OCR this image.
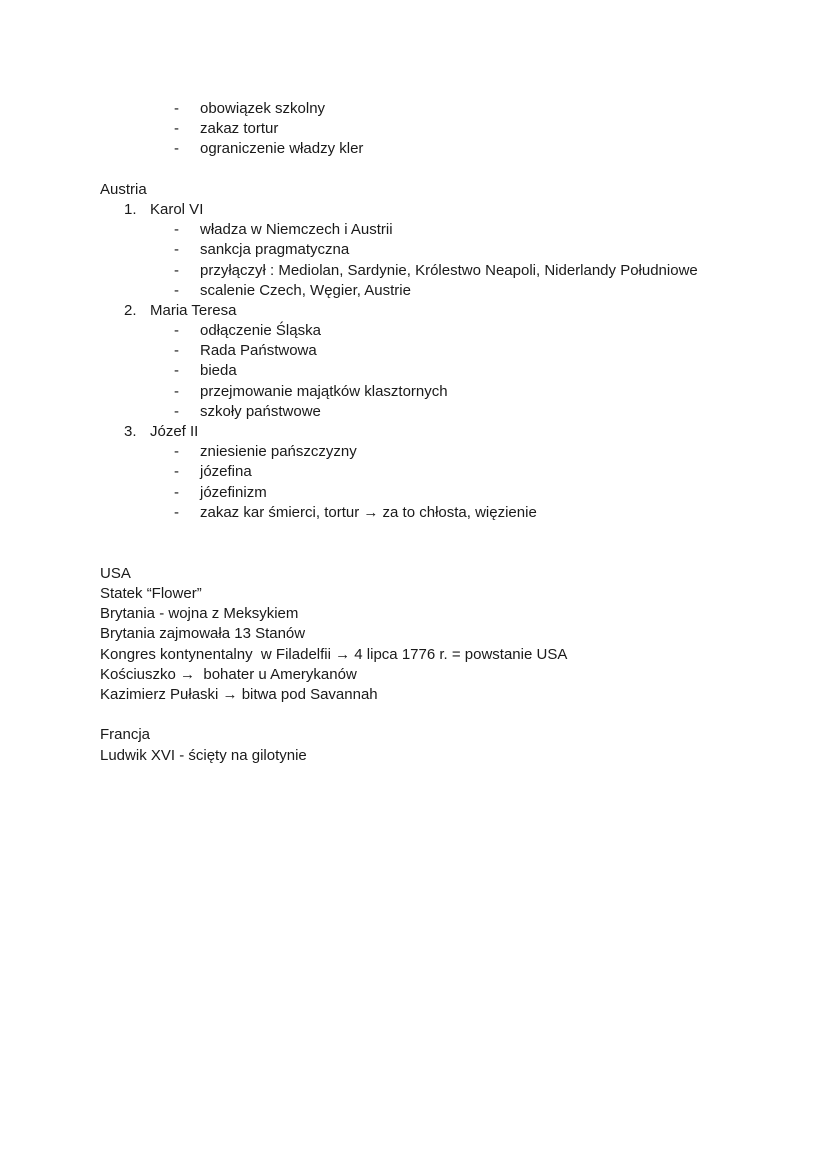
- obowiązek szkolny
- zakaz tortur
- ograniczenie władzy kler
Austria
1. Karol VI
- władza w Niemczech i Austrii
- sankcja pragmatyczna
- przyłączył : Mediolan, Sardynie, Królestwo Neapoli, Niderlandy Południowe
- scalenie Czech, Węgier, Austrie
2. Maria Teresa
- odłączenie Śląska
- Rada Państwowa
- bieda
- przejmowanie majątków klasztornych
- szkoły państwowe
3. Józef II
- zniesienie pańszczyzny
- józefina
- józefinizm
- zakaz kar śmierci, tortur → za to chłosta, więzienie
USA
Statek “Flower”
Brytania - wojna z Meksykiem
Brytania zajmowała 13 Stanów
Kongres kontynentalny  w Filadelfii → 4 lipca 1776 r. = powstanie USA
Kościuszko →  bohater u Amerykanów
Kazimierz Pułaski → bitwa pod Savannah
Francja
Ludwik XVI - ścięty na gilotynie
